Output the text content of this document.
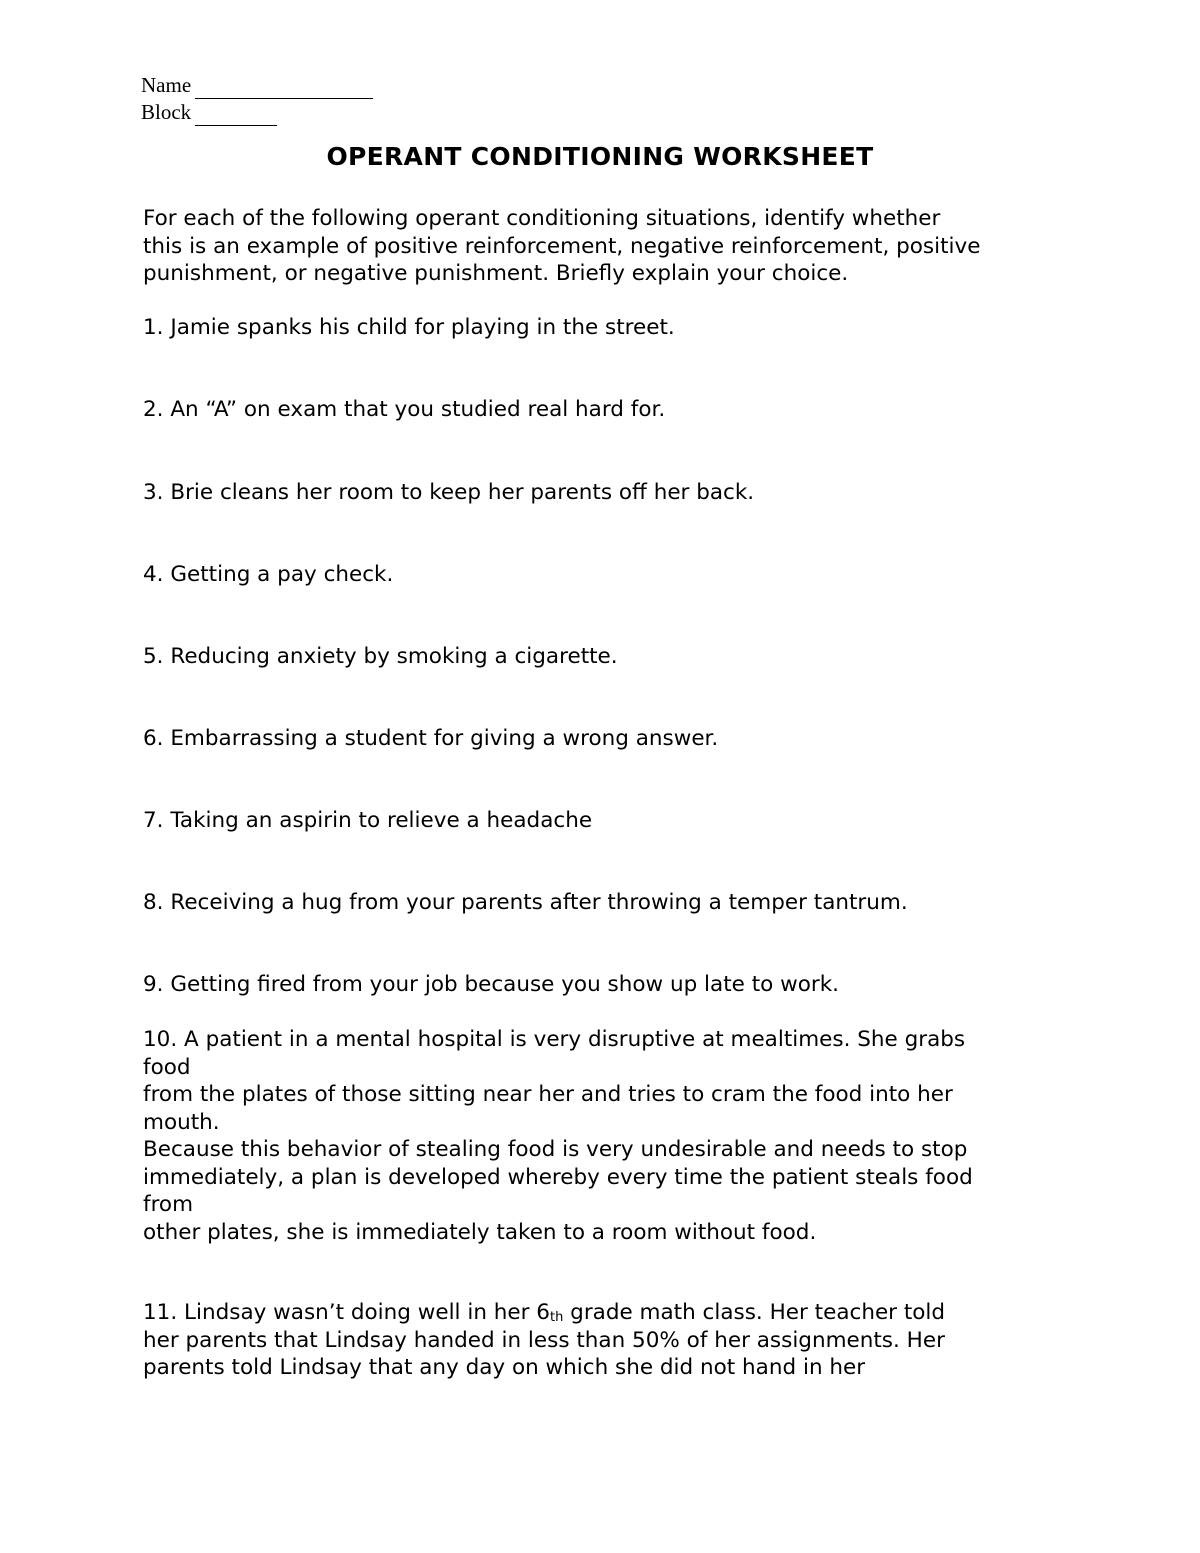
Name
Block
OPERANT CONDITIONING WORKSHEET
For each of the following operant conditioning situations, identify whether
this is an example of positive reinforcement, negative reinforcement, positive
punishment, or negative punishment. Briefly explain your choice.
1. Jamie spanks his child for playing in the street.
2. An “A” on exam that you studied real hard for.
3. Brie cleans her room to keep her parents off her back.
4. Getting a pay check.
5. Reducing anxiety by smoking a cigarette.
6. Embarrassing a student for giving a wrong answer.
7. Taking an aspirin to relieve a headache
8. Receiving a hug from your parents after throwing a temper tantrum.
9. Getting fired from your job because you show up late to work.
10. A patient in a mental hospital is very disruptive at mealtimes. She grabs
food
from the plates of those sitting near her and tries to cram the food into her
mouth.
Because this behavior of stealing food is very undesirable and needs to stop
immediately, a plan is developed whereby every time the patient steals food
from
other plates, she is immediately taken to a room without food.
11. Lindsay wasn’t doing well in her $6_{th}$ grade math class. Her teacher told
her parents that Lindsay handed in less than 50% of her assignments. Her
parents told Lindsay that any day on which she did not hand in her
